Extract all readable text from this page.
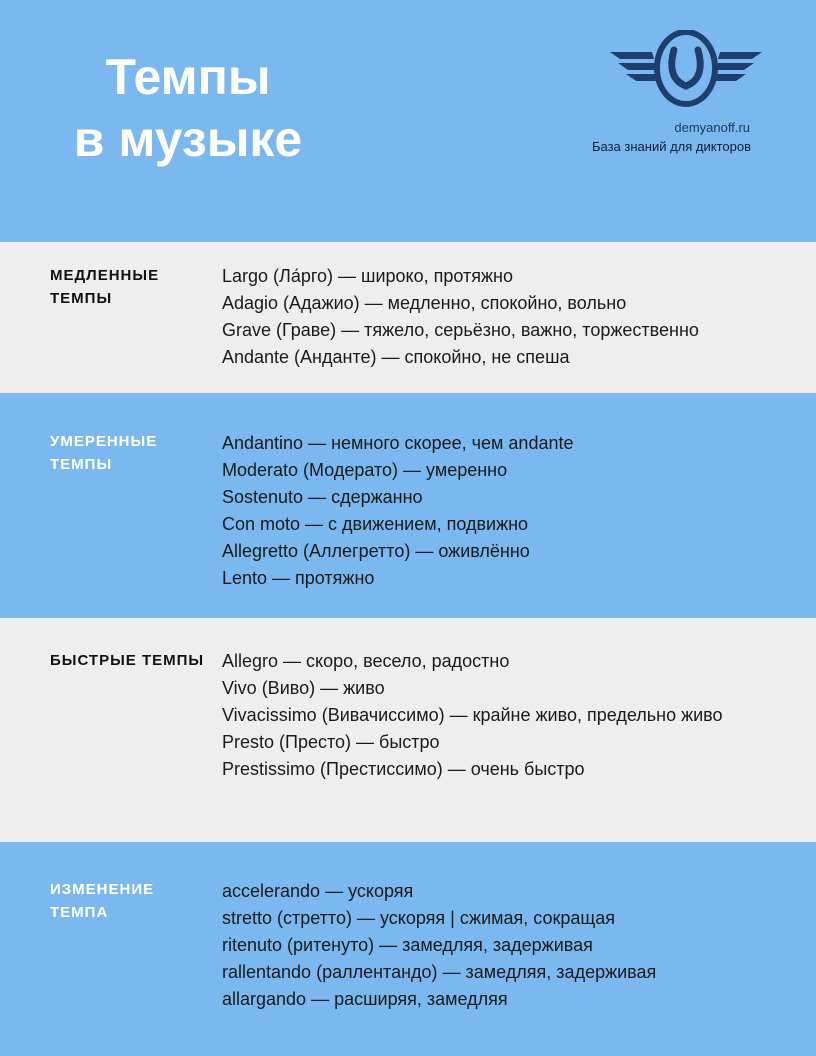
Темпы
в музыке	demyanoff.ru
База знаний для дикторов
МЕДЛЕННЫЕ ТЕМПЫ
Largo (Ла́рго) — широко, протяжно
Adagio (Адажио) — медленно, спокойно, вольно
Grave (Граве) — тяжело, серьёзно, важно, торжественно
Andante (Анданте) — спокойно, не спеша
УМЕРЕННЫЕ ТЕМПЫ
Andantino — немного скорее, чем andante
Moderato (Модерато) — умеренно
Sostenuto — сдержанно
Con moto — с движением, подвижно
Allegretto (Аллегретто) — оживлённо
Lento — протяжно
БЫСТРЫЕ ТЕМПЫ Allegro — скоро, весело, радостно
Vivo (Виво) — живо
Vivacissimo (Вивачиссимо) — крайне живо, предельно живо
Presto (Престо) — быстро
Prestissimo (Престиссимо) — очень быстро
ИЗМЕНЕНИЕ ТЕМПА
accelerando — ускоряя
stretto (стретто) — ускоряя | сжимая, сокращая
ritenuto (ритенуто) — замедляя, задерживая
rallentando (раллентандо) — замедляя, задерживая
allargando — расширяя, замедляя
